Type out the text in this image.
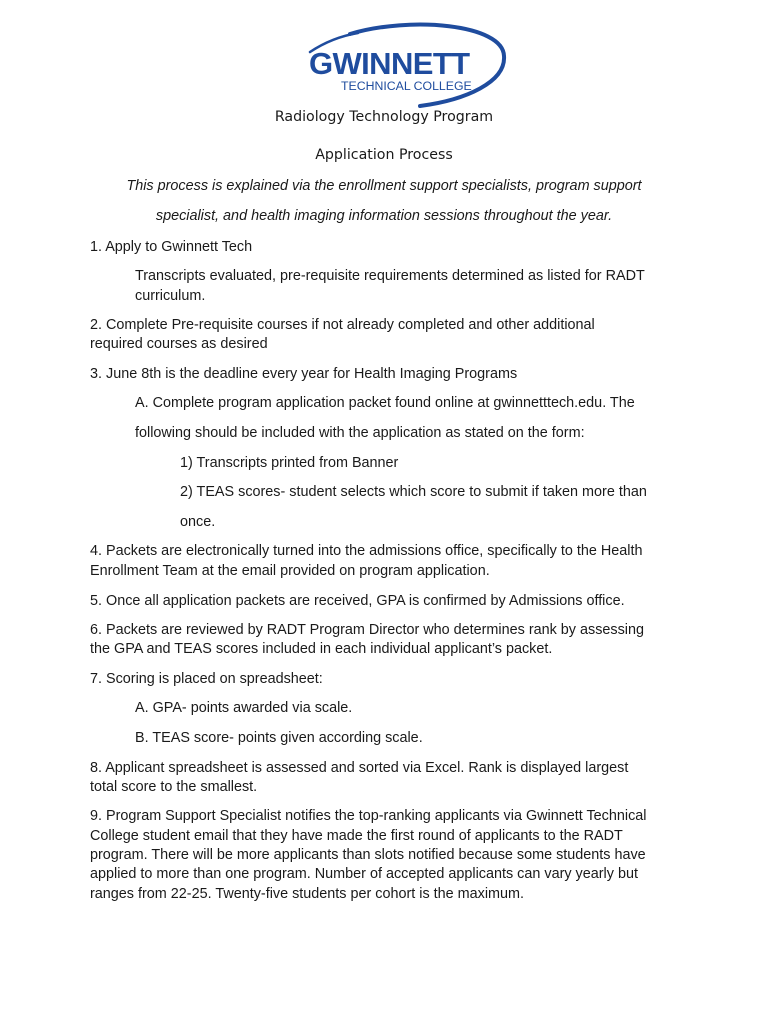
GWINNETT
TECHNICAL COLLEGE
Radiology Technology Program
Application Process
This process is explained via the enrollment support specialists, program support
specialist, and health imaging information sessions throughout the year.
1. Apply to Gwinnett Tech
Transcripts evaluated, pre-requisite requirements determined as listed for RADT
curriculum.
2. Complete Pre-requisite courses if not already completed and other additional
required courses as desired
3. June 8th is the deadline every year for Health Imaging Programs
A. Complete program application packet found online at gwinnetttech.edu. The
following should be included with the application as stated on the form:
1) Transcripts printed from Banner
2) TEAS scores- student selects which score to submit if taken more than
once.
4. Packets are electronically turned into the admissions office, specifically to the Health
Enrollment Team at the email provided on program application.
5. Once all application packets are received, GPA is confirmed by Admissions office.
6. Packets are reviewed by RADT Program Director who determines rank by assessing
the GPA and TEAS scores included in each individual applicant’s packet.
7. Scoring is placed on spreadsheet:
A. GPA- points awarded via scale.
B. TEAS score- points given according scale.
8. Applicant spreadsheet is assessed and sorted via Excel. Rank is displayed largest
total score to the smallest.
9. Program Support Specialist notifies the top-ranking applicants via Gwinnett Technical
College student email that they have made the first round of applicants to the RADT
program. There will be more applicants than slots notified because some students have
applied to more than one program. Number of accepted applicants can vary yearly but
ranges from 22-25. Twenty-five students per cohort is the maximum.
